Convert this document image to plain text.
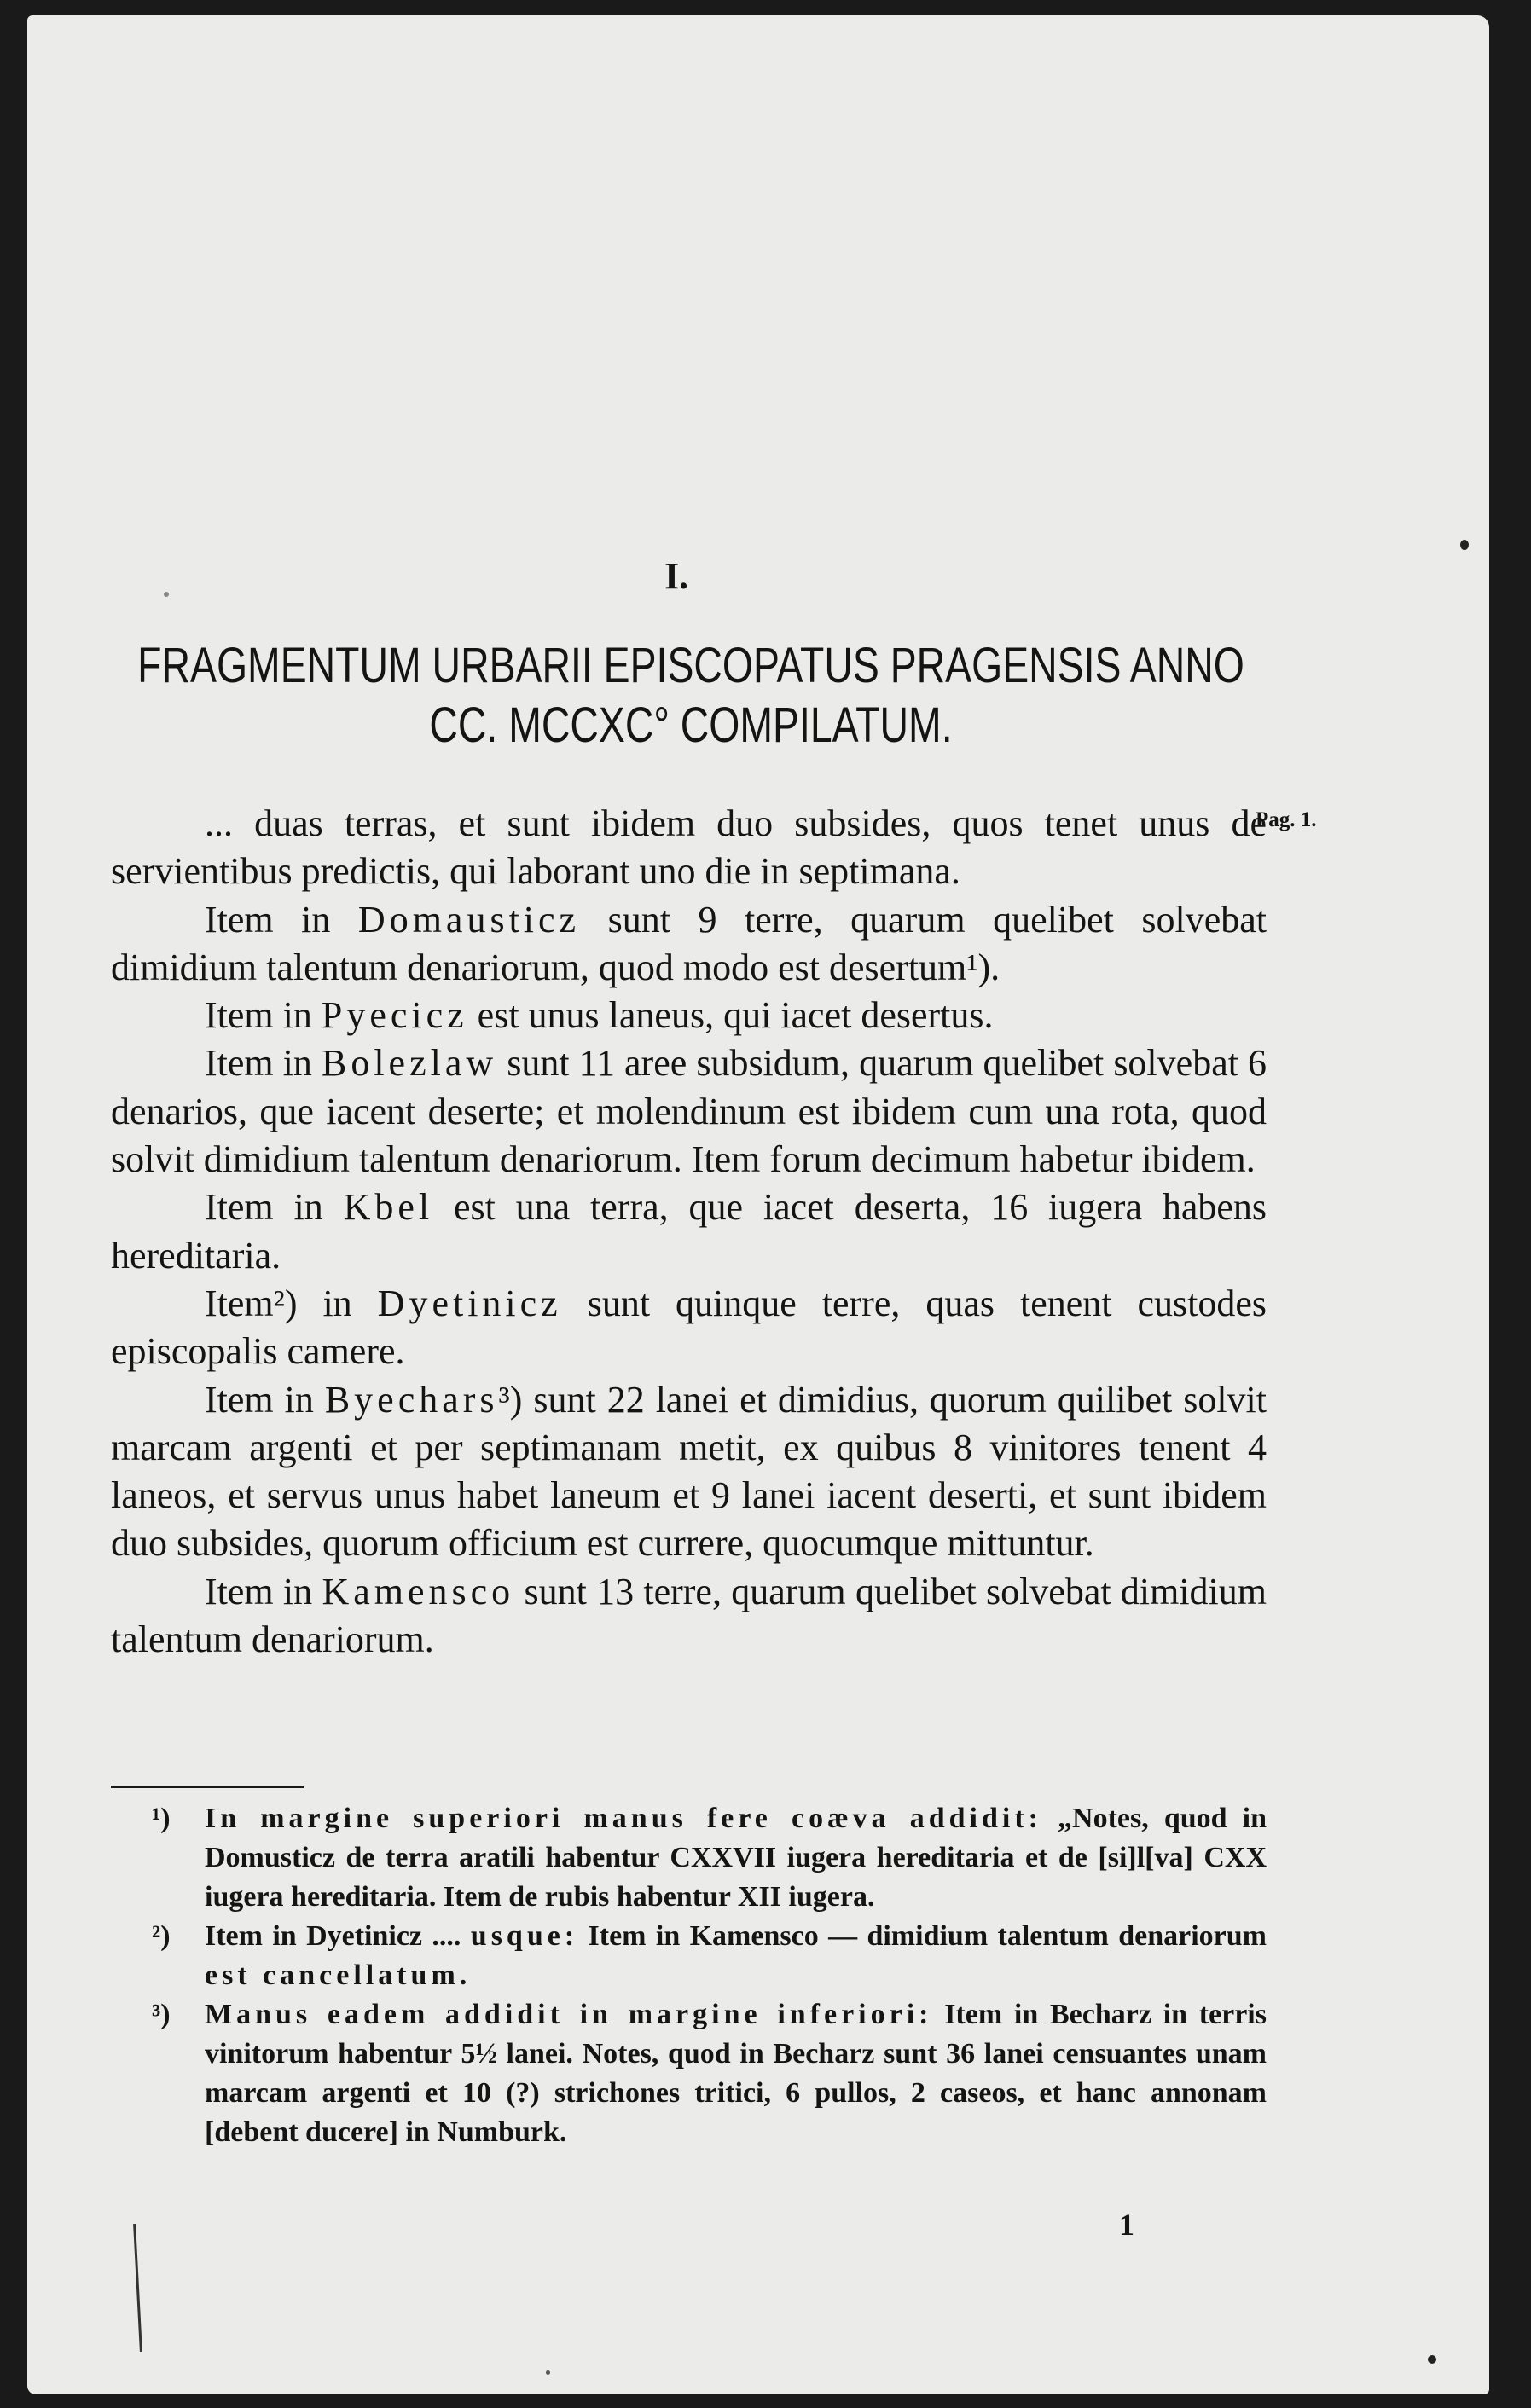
I.
FRAGMENTUM URBARII EPISCOPATUS PRAGENSIS ANNO CC. MCCXC° COMPILATUM.
Pag. 1.

... duas terras, et sunt ibidem duo subsides, quos tenet unus de servientibus predictis, qui laborant uno die in septimana.

Item in Domausticz sunt 9 terre, quarum quelibet solvebat dimidium talentum denariorum, quod modo est desertum¹).

Item in Pyecicz est unus laneus, qui iacet desertus.

Item in Bolezlaw sunt 11 aree subsidum, quarum quelibet solvebat 6 denarios, que iacent deserte; et molendinum est ibidem cum una rota, quod solvit dimidium talentum denariorum. Item forum decimum habetur ibidem.

Item in Kbel est una terra, que iacet deserta, 16 iugera habens hereditaria.

Item²) in Dyetinicz sunt quinque terre, quas tenent custodes episcopalis camere.

Item in Byechars³) sunt 22 lanei et dimidius, quorum quilibet solvit marcam argenti et per septimanam metit, ex quibus 8 vinitores tenent 4 laneos, et servus unus habet laneum et 9 lanei iacent deserti, et sunt ibidem duo subsides, quorum officium est currere, quocumque mittuntur.

Item in Kamensco sunt 13 terre, quarum quelibet solvebat dimidium talentum denariorum.

¹) In margine superiori manus fere coæva addidit: „Notes, quod in Domusticz de terra aratili habentur CXXVII iugera hereditaria et de [si]l[va] CXX iugera hereditaria. Item de rubis habentur XII iugera.

²) Item in Dyetinicz .... usque: Item in Kamensco — dimidium talentum denariorum est cancellatum.

³) Manus eadem addidit in margine inferiori: Item in Becharz in terris vinitorum habentur 5½ lanei. Notes, quod in Becharz sunt 36 lanei censuantes unam marcam argenti et 10 (?) strichones tritici, 6 pullos, 2 caseos, et hanc annonam [debent ducere] in Numburk.

1
